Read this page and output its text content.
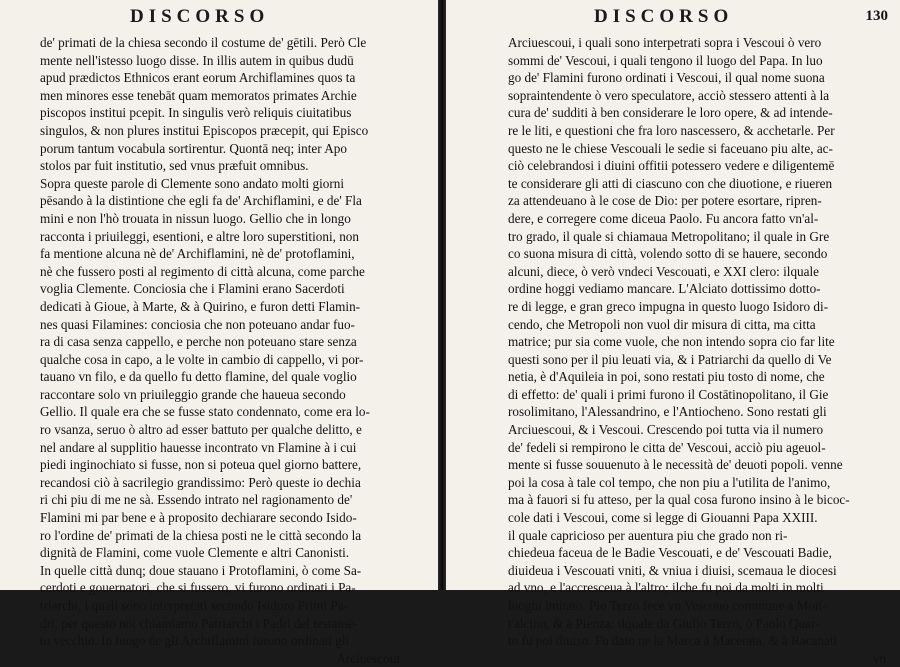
DISCORSO
de' primati de la chiesa secondo il costume de' gētili. Però Cle
mente nell'istesso luogo disse. In illis autem in quibus dudū
apud prædictos Ethnicos erant eorum Archiflamines quos ta
men minores esse tenebāt quam memoratos primates Archie
piscopos institui pcepit. In singulis verò reliquis ciuitatibus
singulos, & non plures institui Episcopos præcepit, qui Episco
porum tantum vocabula sortirentur. Quontā neq; inter Apo
stolos par fuit institutio, sed vnus præfuit omnibus.
Sopra queste parole di Clemente sono andato molti giorni
pēsando à la distintione che egli fa de' Archiflamini, e de' Fla
mini e non l'hò trouata in nissun luogo. Gellio che in longo
racconta i priuileggi, esentioni, e altre loro superstitioni, non
fa mentione alcuna nè de' Archiflamini, nè de' protoflamini,
nè che fussero posti al regimento di città alcuna, come parche
voglia Clemente. Conciosia che i Flamini erano Sacerdoti
dedicati à Gioue, à Marte, & à Quirino, e furon detti Flamin-
nes quasi Filamines: conciosia che non poteuano andar fuo-
ra di casa senza cappello, e perche non poteuano stare senza
qualche cosa in capo, a le volte in cambio di cappello, vi por-
tauano vn filo, e da quello fu detto flamine, del quale voglio
raccontare solo vn priuileggio grande che haueua secondo
Gellio. Il quale era che se fusse stato condennato, come era lo-
ro vsanza, seruo ò altro ad esser battuto per qualche delitto, e
nel andare al supplitio hauesse incontrato vn Flamine à i cui
piedi inginochiato si fusse, non si poteua quel giorno battere,
recandosi ciò à sacrilegio grandissimo: Però queste io dechia
ri chi piu di me ne sà. Essendo intrato nel ragionamento de'
Flamini mi par bene e à proposito dechiarare secondo Isido-
ro l'ordine de' primati de la chiesa posti ne le città secondo la
dignità de Flamini, come vuole Clemente e altri Canonisti.
In quelle città dunq; doue stauano i Protoflamini, ò come Sa-
cerdoti e gouernatori, che si fussero, vi furono ordinati i Pa-
triarchi, i quali sono interpretati secondo Isidoro Primi Pa-
dri, per questo noi chiamiamo Patriarchi i Padri del testamē-
to vecchio. In luogo de gli Archiflamini furono ordinati gli
Arciuescoui
DISCORSO	130
Arciuescoui, i quali sono interpetrati sopra i Vescoui ò vero
sommi de' Vescoui, i quali tengono il luogo del Papa. In luo
go de' Flamini furono ordinati i Vescoui, il qual nome suona
sopraintendente ò vero speculatore, acciò stessero attenti à la
cura de' sudditi à ben considerare le loro opere, & ad intende-
re le liti, e questioni che fra loro nascessero, & acchetarle. Per
questo ne le chiese Vescouali le sedie si faceuano piu alte, ac-
ciò celebrandosi i diuini offitii potessero vedere e diligentemē
te considerare gli atti di ciascuno con che diuotione, e riueren
za attendeuano à le cose de Dio: per potere esortare, ripren-
dere, e corregere come diceua Paolo. Fu ancora fatto vn'al-
tro grado, il quale si chiamaua Metropolitano; il quale in Gre
co suona misura di città, volendo sotto di se hauere, secondo
alcuni, diece, ò verò vndeci Vescouati, e XXI clero: ilquale
ordine hoggi vediamo mancare. L'Alciato dottissimo dotto-
re di legge, e gran greco impugna in questo luogo Isidoro di-
cendo, che Metropoli non vuol dir misura di citta, ma citta
matrice; pur sia come vuole, che non intendo sopra cio far lite
questi sono per il piu leuati via, & i Patriarchi da quello di Ve
netia, è d'Aquileia in poi, sono restati piu tosto di nome, che
di effetto: de' quali i primi furono il Costātinopolitano, il Gie
rosolimitano, l'Alessandrino, e l'Antiocheno. Sono restati gli
Arciuescoui, & i Vescoui. Crescendo poi tutta via il numero
de' fedeli si rempirono le citta de' Vescoui, acciò piu ageuol-
mente si fusse souuenuto à le necessità de' deuoti popoli. venne
poi la cosa à tale col tempo, che non piu a l'utilita de l'animo,
ma à fauori si fu atteso, per la qual cosa furono insino à le bicoc-
cole dati i Vescoui, come si legge di Giouanni Papa XXIII.
il quale capricioso per auentura piu che grado non ri-
chiedeua faceua de le Badie Vescouati, e de' Vescouati Badie,
diuideua i Vescouati vniti, & vniua i diuisi, scemaua le diocesi
ad vno, e l'accresceua à l'altro; ilche fu poi da molti in molti
luoghi imitato. Pio Terzo fece vn Vescouo commune a Mon-
t'alcino, & à Pienza: ilquale da Giulio Terzo, ò Paolo Quar-
to fu poi diuiso. Fu dato ne la Marca à Macerata, & à Racanati
vn
